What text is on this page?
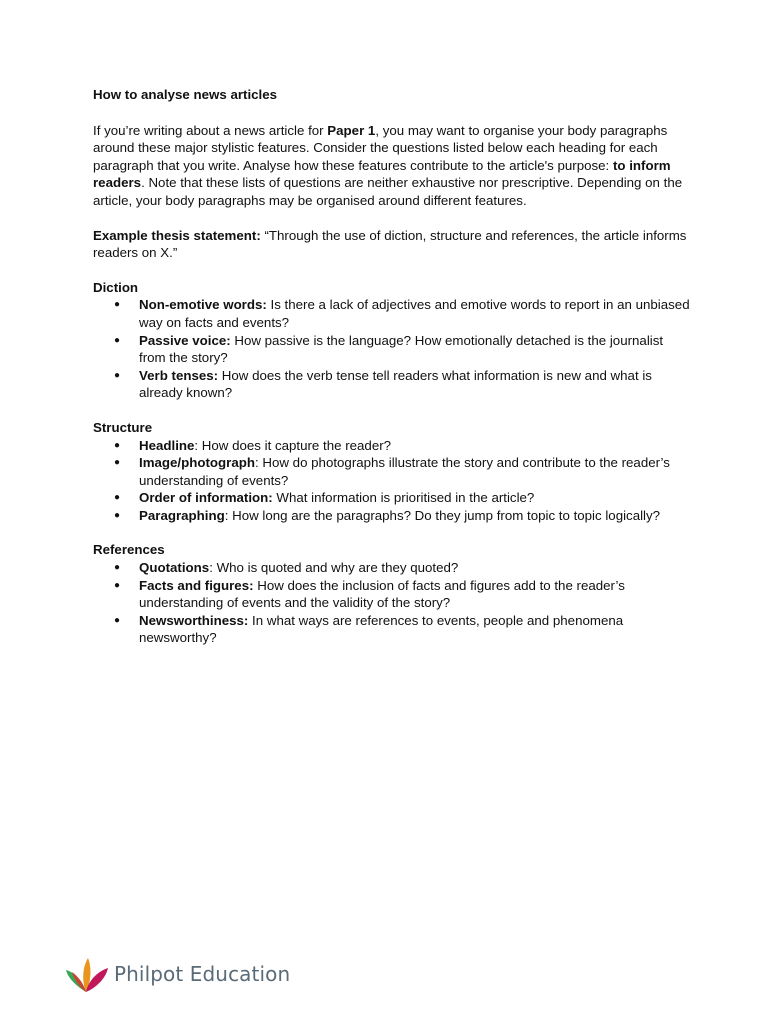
How to analyse news articles

If you’re writing about a news article for Paper 1, you may want to organise your body paragraphs around these major stylistic features. Consider the questions listed below each heading for each paragraph that you write. Analyse how these features contribute to the article's purpose: to inform readers. Note that these lists of questions are neither exhaustive nor prescriptive. Depending on the article, your body paragraphs may be organised around different features.

Example thesis statement: “Through the use of diction, structure and references, the article informs readers on X.”

Diction

● Non-emotive words: Is there a lack of adjectives and emotive words to report in an unbiased way on facts and events?
● Passive voice: How passive is the language? How emotionally detached is the journalist from the story?
● Verb tenses: How does the verb tense tell readers what information is new and what is already known?

Structure

● Headline: How does it capture the reader?
● Image/photograph: How do photographs illustrate the story and contribute to the reader’s understanding of events?
● Order of information: What information is prioritised in the article?
● Paragraphing: How long are the paragraphs? Do they jump from topic to topic logically?

References

● Quotations: Who is quoted and why are they quoted?
● Facts and figures: How does the inclusion of facts and figures add to the reader’s understanding of events and the validity of the story?
● Newsworthiness: In what ways are references to events, people and phenomena newsworthy?
Philpot Education
